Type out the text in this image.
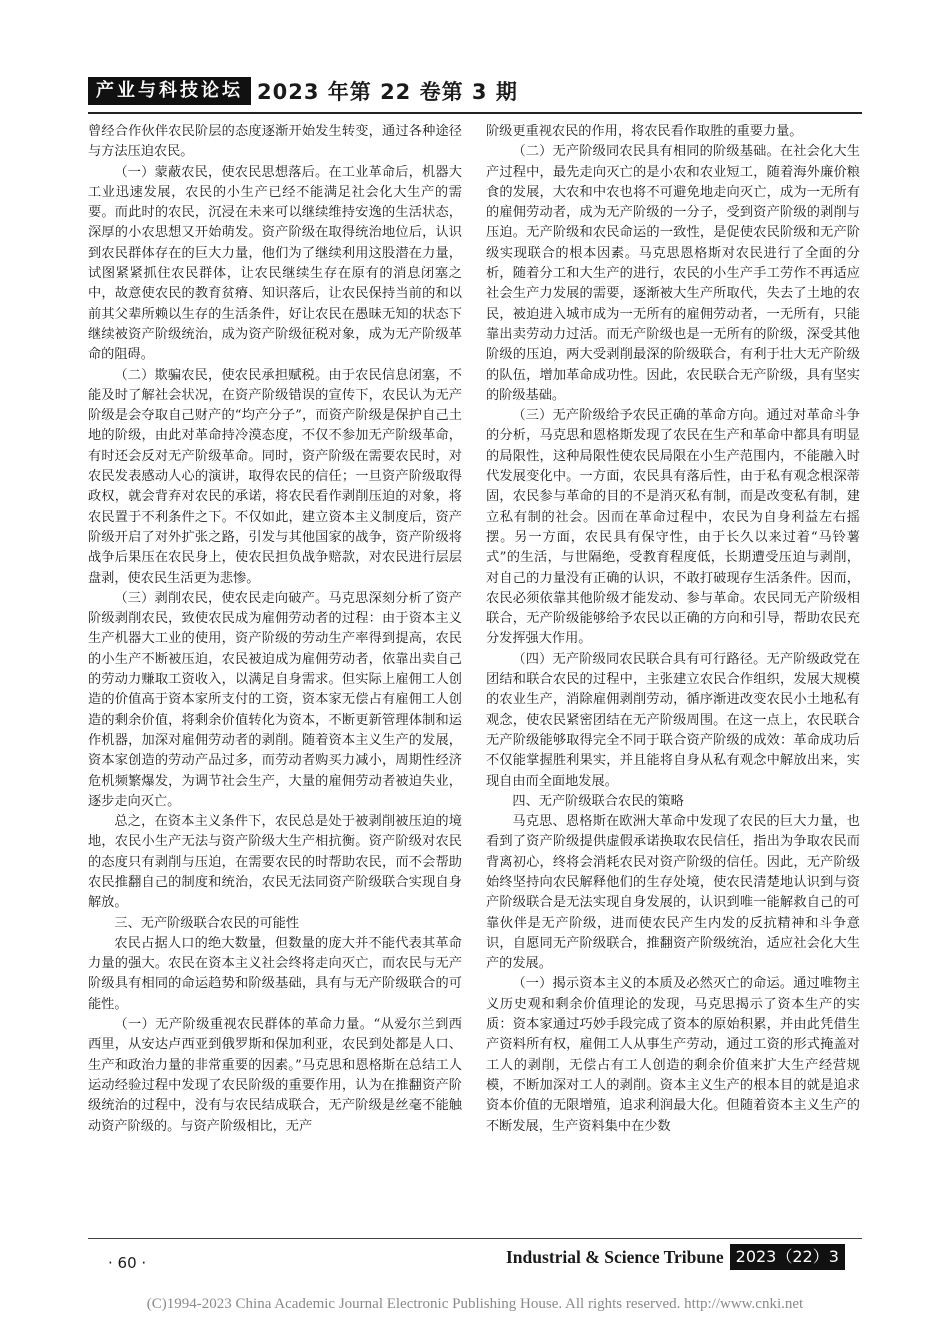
产业与科技论坛 2023 年第 22 卷第 3 期

曾经合作伙伴农民阶层的态度逐渐开始发生转变，通过各种途径与方法压迫农民。

（一）蒙蔽农民，使农民思想落后。在工业革命后，机器大工业迅速发展，农民的小生产已经不能满足社会化大生产的需要。而此时的农民，沉浸在未来可以继续维持安逸的生活状态，深厚的小农思想又开始萌发。资产阶级在取得统治地位后，认识到农民群体存在的巨大力量，他们为了继续利用这股潜在力量，试图紧紧抓住农民群体，让农民继续生存在原有的消息闭塞之中，故意使农民的教育贫瘠、知识落后，让农民保持当前的和以前其父辈所赖以生存的生活条件，好让农民在愚昧无知的状态下继续被资产阶级统治，成为资产阶级征税对象，成为无产阶级革命的阻碍。

（二）欺骗农民，使农民承担赋税。由于农民信息闭塞，不能及时了解社会状况，在资产阶级错误的宣传下，农民认为无产阶级是会夺取自己财产的“均产分子”，而资产阶级是保护自己土地的阶级，由此对革命持冷漠态度，不仅不参加无产阶级革命，有时还会反对无产阶级革命。同时，资产阶级在需要农民时，对农民发表感动人心的演讲，取得农民的信任；一旦资产阶级取得政权，就会背弃对农民的承诺，将农民看作剥削压迫的对象，将农民置于不利条件之下。不仅如此，建立资本主义制度后，资产阶级开启了对外扩张之路，引发与其他国家的战争，资产阶级将战争后果压在农民身上，使农民担负战争赔款，对农民进行层层盘剥，使农民生活更为悲惨。

（三）剥削农民，使农民走向破产。马克思深刻分析了资产阶级剥削农民，致使农民成为雇佣劳动者的过程：由于资本主义生产机器大工业的使用，资产阶级的劳动生产率得到提高，农民的小生产不断被压迫，农民被迫成为雇佣劳动者，依靠出卖自己的劳动力赚取工资收入，以满足自身需求。但实际上雇佣工人创造的价值高于资本家所支付的工资，资本家无偿占有雇佣工人创造的剩余价值，将剩余价值转化为资本，不断更新管理体制和运作机器，加深对雇佣劳动者的剥削。随着资本主义生产的发展，资本家创造的劳动产品过多，而劳动者购买力减小，周期性经济危机频繁爆发，为调节社会生产，大量的雇佣劳动者被迫失业，逐步走向灭亡。

总之，在资本主义条件下，农民总是处于被剥削被压迫的境地，农民小生产无法与资产阶级大生产相抗衡。资产阶级对农民的态度只有剥削与压迫，在需要农民的时帮助农民，而不会帮助农民推翻自己的制度和统治，农民无法同资产阶级联合实现自身解放。

三、无产阶级联合农民的可能性

农民占据人口的绝大数量，但数量的庞大并不能代表其革命力量的强大。农民在资本主义社会终将走向灭亡，而农民与无产阶级具有相同的命运趋势和阶级基础，具有与无产阶级联合的可能性。

（一）无产阶级重视农民群体的革命力量。“从爱尔兰到西西里，从安达卢西亚到俄罗斯和保加利亚，农民到处都是人口、生产和政治力量的非常重要的因素。”马克思和恩格斯在总结工人运动经验过程中发现了农民阶级的重要作用，认为在推翻资产阶级统治的过程中，没有与农民结成联合，无产阶级是丝毫不能触动资产阶级的。与资产阶级相比，无产

阶级更重视农民的作用，将农民看作取胜的重要力量。

（二）无产阶级同农民具有相同的阶级基础。在社会化大生产过程中，最先走向灭亡的是小农和农业短工，随着海外廉价粮食的发展，大农和中农也将不可避免地走向灭亡，成为一无所有的雇佣劳动者，成为无产阶级的一分子，受到资产阶级的剥削与压迫。无产阶级和农民命运的一致性，是促使农民阶级和无产阶级实现联合的根本因素。马克思恩格斯对农民进行了全面的分析，随着分工和大生产的进行，农民的小生产手工劳作不再适应社会生产力发展的需要，逐渐被大生产所取代，失去了土地的农民，被迫进入城市成为一无所有的雇佣劳动者，一无所有，只能靠出卖劳动力过活。而无产阶级也是一无所有的阶级，深受其他阶级的压迫，两大受剥削最深的阶级联合，有利于壮大无产阶级的队伍，增加革命成功性。因此，农民联合无产阶级，具有坚实的阶级基础。

（三）无产阶级给予农民正确的革命方向。通过对革命斗争的分析，马克思和恩格斯发现了农民在生产和革命中都具有明显的局限性，这种局限性使农民局限在小生产范围内，不能融入时代发展变化中。一方面，农民具有落后性，由于私有观念根深蒂固，农民参与革命的目的不是消灭私有制，而是改变私有制，建立私有制的社会。因而在革命过程中，农民为自身利益左右摇摆。另一方面，农民具有保守性，由于长久以来过着“马铃薯式”的生活，与世隔绝，受教育程度低，长期遭受压迫与剥削，对自己的力量没有正确的认识，不敢打破现存生活条件。因而，农民必须依靠其他阶级才能发动、参与革命。农民同无产阶级相联合，无产阶级能够给予农民以正确的方向和引导，帮助农民充分发挥强大作用。

（四）无产阶级同农民联合具有可行路径。无产阶级政党在团结和联合农民的过程中，主张建立农民合作组织，发展大规模的农业生产，消除雇佣剥削劳动，循序渐进改变农民小土地私有观念，使农民紧密团结在无产阶级周围。在这一点上，农民联合无产阶级能够取得完全不同于联合资产阶级的成效：革命成功后不仅能掌握胜利果实，并且能将自身从私有观念中解放出来，实现自由而全面地发展。

四、无产阶级联合农民的策略

马克思、恩格斯在欧洲大革命中发现了农民的巨大力量，也看到了资产阶级提供虚假承诺换取农民信任，指出为争取农民而背离初心，终将会消耗农民对资产阶级的信任。因此，无产阶级始终坚持向农民解释他们的生存处境，使农民清楚地认识到与资产阶级联合是无法实现自身发展的，认识到唯一能解救自己的可靠伙伴是无产阶级，进而使农民产生内发的反抗精神和斗争意识，自愿同无产阶级联合，推翻资产阶级统治，适应社会化大生产的发展。

（一）揭示资本主义的本质及必然灭亡的命运。通过唯物主义历史观和剩余价值理论的发现，马克思揭示了资本生产的实质：资本家通过巧妙手段完成了资本的原始积累，并由此凭借生产资料所有权，雇佣工人从事生产劳动，通过工资的形式掩盖对工人的剥削，无偿占有工人创造的剩余价值来扩大生产经营规模，不断加深对工人的剥削。资本主义生产的根本目的就是追求资本价值的无限增殖，追求利润最大化。但随着资本主义生产的不断发展，生产资料集中在少数

· 60 ·	Industrial & Science Tribune 2023（22）3
(C)1994-2023 China Academic Journal Electronic Publishing House. All rights reserved. http://www.cnki.net
